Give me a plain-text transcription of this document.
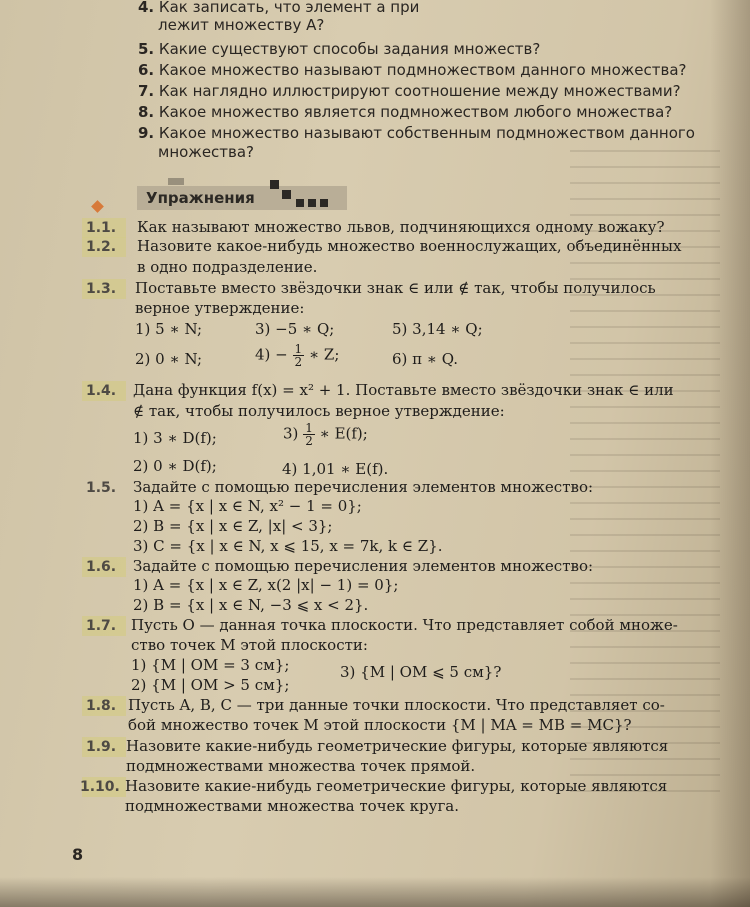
4. Как записать, что элемент а при
лежит множеству A?
5. Какие существуют способы задания множеств?
6. Какое множество называют подмножеством данного множества?
7. Как наглядно иллюстрируют соотношение между множествами?
8. Какое множество является подмножеством любого множества?
9. Какое множество называют собственным подмножеством данного
множества?
Упражнения
1.1. Как называют множество львов, подчиняющихся одному вожаку?
1.2. Назовите какое-нибудь множество военнослужащих, объединённых
в одно подразделение.
1.3. Поставьте вместо звёздочки знак ∈ или ∉ так, чтобы получилось
верное утверждение:
1) 5 ∗ N;	3) −5 ∗ Q;	5) 3,14 ∗ Q;
2) 0 ∗ N;	$4) - \frac{1}{2}$ ∗ Z;	6) π ∗ Q.
1.4. Дана функция f(x) = x² + 1. Поставьте вместо звёздочки знак ∈ или
∉ так, чтобы получилось верное утверждение:
1) 3 ∗ D(f);	$3) \frac{1}{2}$ ∗ E(f);
2) 0 ∗ D(f);	4) 1,01 ∗ E(f).
1.5. Задайте с помощью перечисления элементов множество:
1) A = {x | x ∈ N, x² − 1 = 0};
2) B = {x | x ∈ Z, |x| < 3};
3) C = {x | x ∈ N, x ⩽ 15, x = 7k, k ∈ Z}.
1.6. Задайте с помощью перечисления элементов множество:
1) A = {x | x ∈ Z, x(2 |x| − 1) = 0};
2) B = {x | x ∈ N, −3 ⩽ x < 2}.
1.7. Пусть O — данная точка плоскости. Что представляет собой множе-
ство точек M этой плоскости:
1) {M | OM = 3 см};	3) {M | OM ⩽ 5 см}?
2) {M | OM > 5 см};
1.8. Пусть A, B, C — три данные точки плоскости. Что представляет со-
бой множество точек M этой плоскости {M | MA = MB = MC}?
1.9. Назовите какие-нибудь геометрические фигуры, которые являются
подмножествами множества точек прямой.
1.10. Назовите какие-нибудь геометрические фигуры, которые являются
подмножествами множества точек круга.
8
